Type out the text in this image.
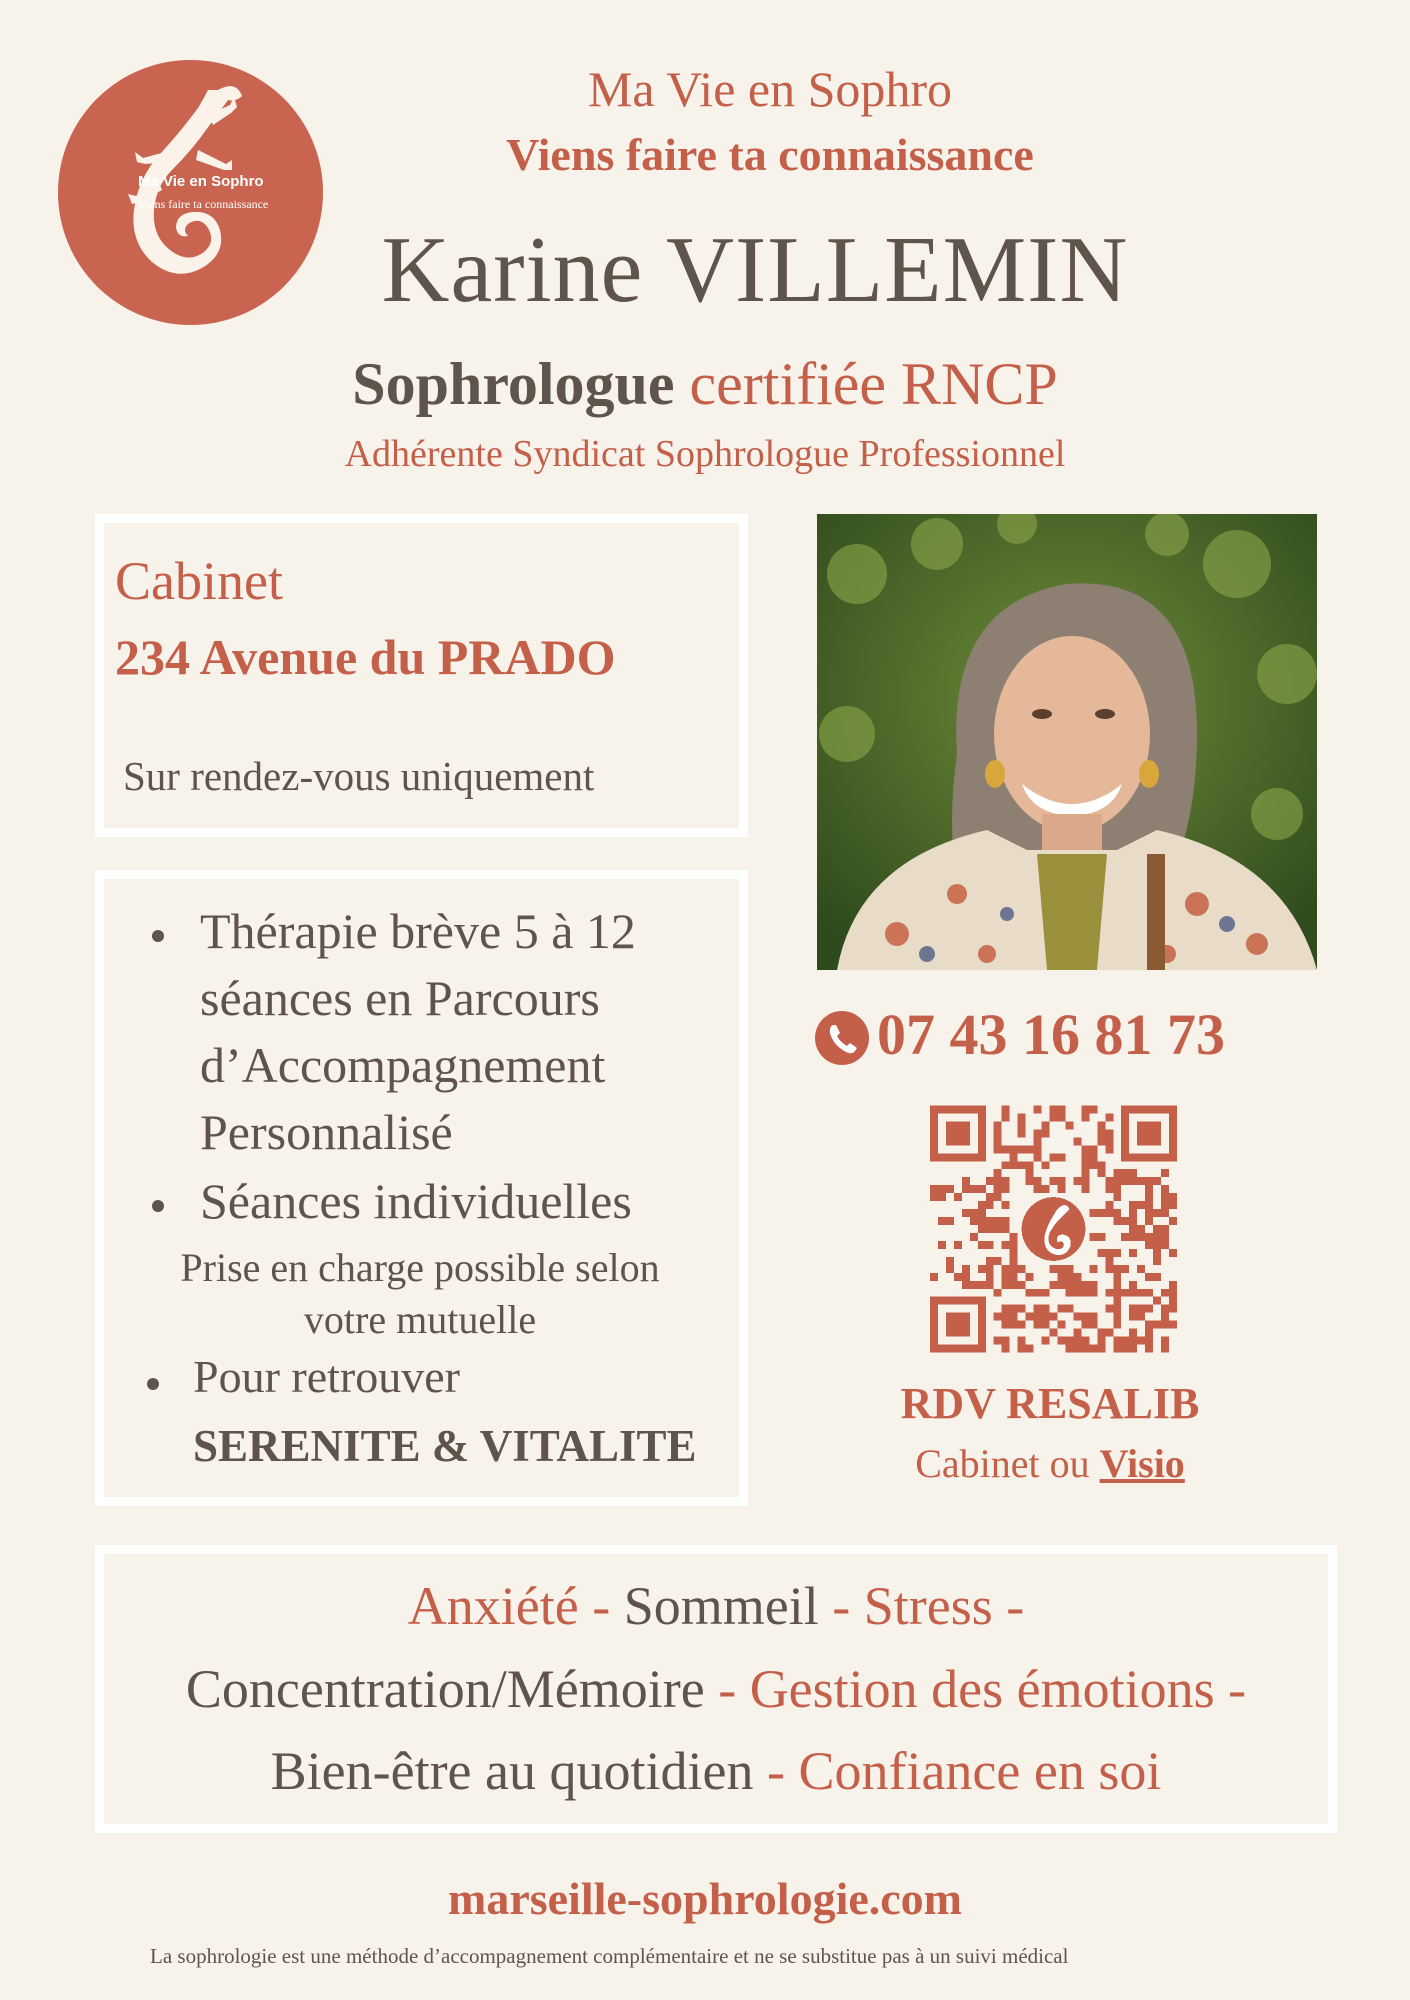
Ma Vie en Sophro
Viens faire ta connaissance
Ma Vie en Sophro
Viens faire ta connaissance
Karine VILLEMIN
Sophrologue certifiée RNCP
Adhérente Syndicat Sophrologue Professionnel
Cabinet
234 Avenue du PRADO
Sur rendez-vous uniquement
Thérapie brève 5 à 12
séances en Parcours
d’Accompagnement
Personnalisé
Séances individuelles
Prise en charge possible selon
votre mutuelle
Pour retrouver
SERENITE & VITALITE
07 43 16 81 73
RDV RESALIB
Cabinet ou Visio
Anxiété - Sommeil - Stress -
Concentration/Mémoire - Gestion des émotions -
Bien-être au quotidien - Confiance en soi
marseille-sophrologie.com
La sophrologie est une méthode d’accompagnement complémentaire et ne se substitue pas à un suivi médical
